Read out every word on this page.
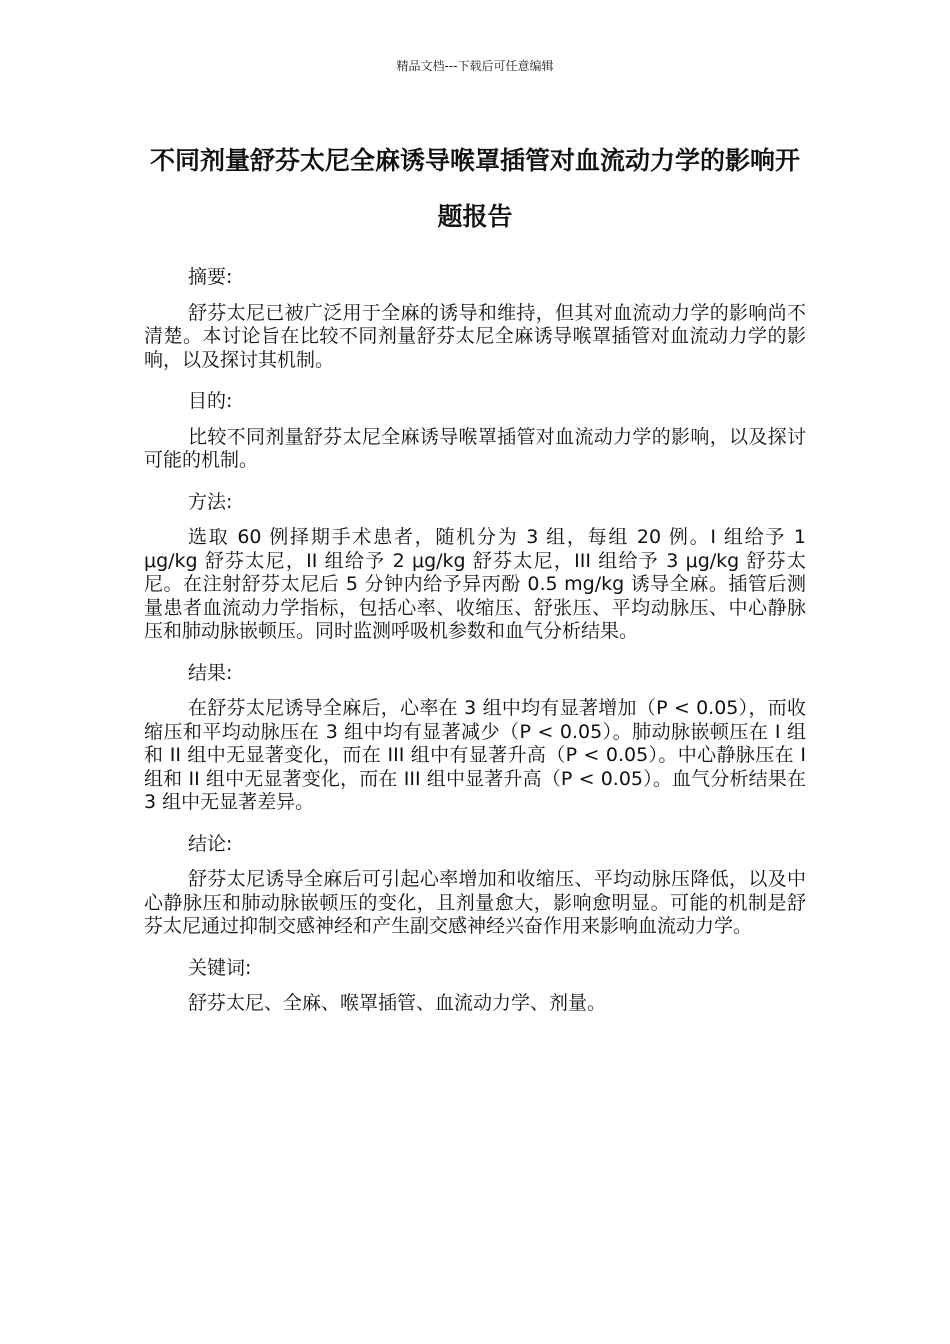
精品文档---下载后可任意编辑
不同剂量舒芬太尼全麻诱导喉罩插管对血流动力学的影响开题报告

摘要:

舒芬太尼已被广泛用于全麻的诱导和维持，但其对血流动力学的影响尚不清楚。本讨论旨在比较不同剂量舒芬太尼全麻诱导喉罩插管对血流动力学的影响，以及探讨其机制。

目的:

比较不同剂量舒芬太尼全麻诱导喉罩插管对血流动力学的影响，以及探讨可能的机制。

方法:

选取 60 例择期手术患者，随机分为 3 组，每组 20 例。I 组给予 1 μg/kg 舒芬太尼，II 组给予 2 μg/kg 舒芬太尼，III 组给予 3 μg/kg 舒芬太尼。在注射舒芬太尼后 5 分钟内给予异丙酚 0.5 mg/kg 诱导全麻。插管后测量患者血流动力学指标，包括心率、收缩压、舒张压、平均动脉压、中心静脉压和肺动脉嵌顿压。同时监测呼吸机参数和血气分析结果。

结果:

在舒芬太尼诱导全麻后，心率在 3 组中均有显著增加（P < 0.05），而收缩压和平均动脉压在 3 组中均有显著减少（P < 0.05）。肺动脉嵌顿压在 I 组和 II 组中无显著变化，而在 III 组中有显著升高（P < 0.05）。中心静脉压在 I 组和 II 组中无显著变化，而在 III 组中显著升高（P < 0.05）。血气分析结果在 3 组中无显著差异。

结论:

舒芬太尼诱导全麻后可引起心率增加和收缩压、平均动脉压降低，以及中心静脉压和肺动脉嵌顿压的变化，且剂量愈大，影响愈明显。可能的机制是舒芬太尼通过抑制交感神经和产生副交感神经兴奋作用来影响血流动力学。

关键词:

舒芬太尼、全麻、喉罩插管、血流动力学、剂量。
